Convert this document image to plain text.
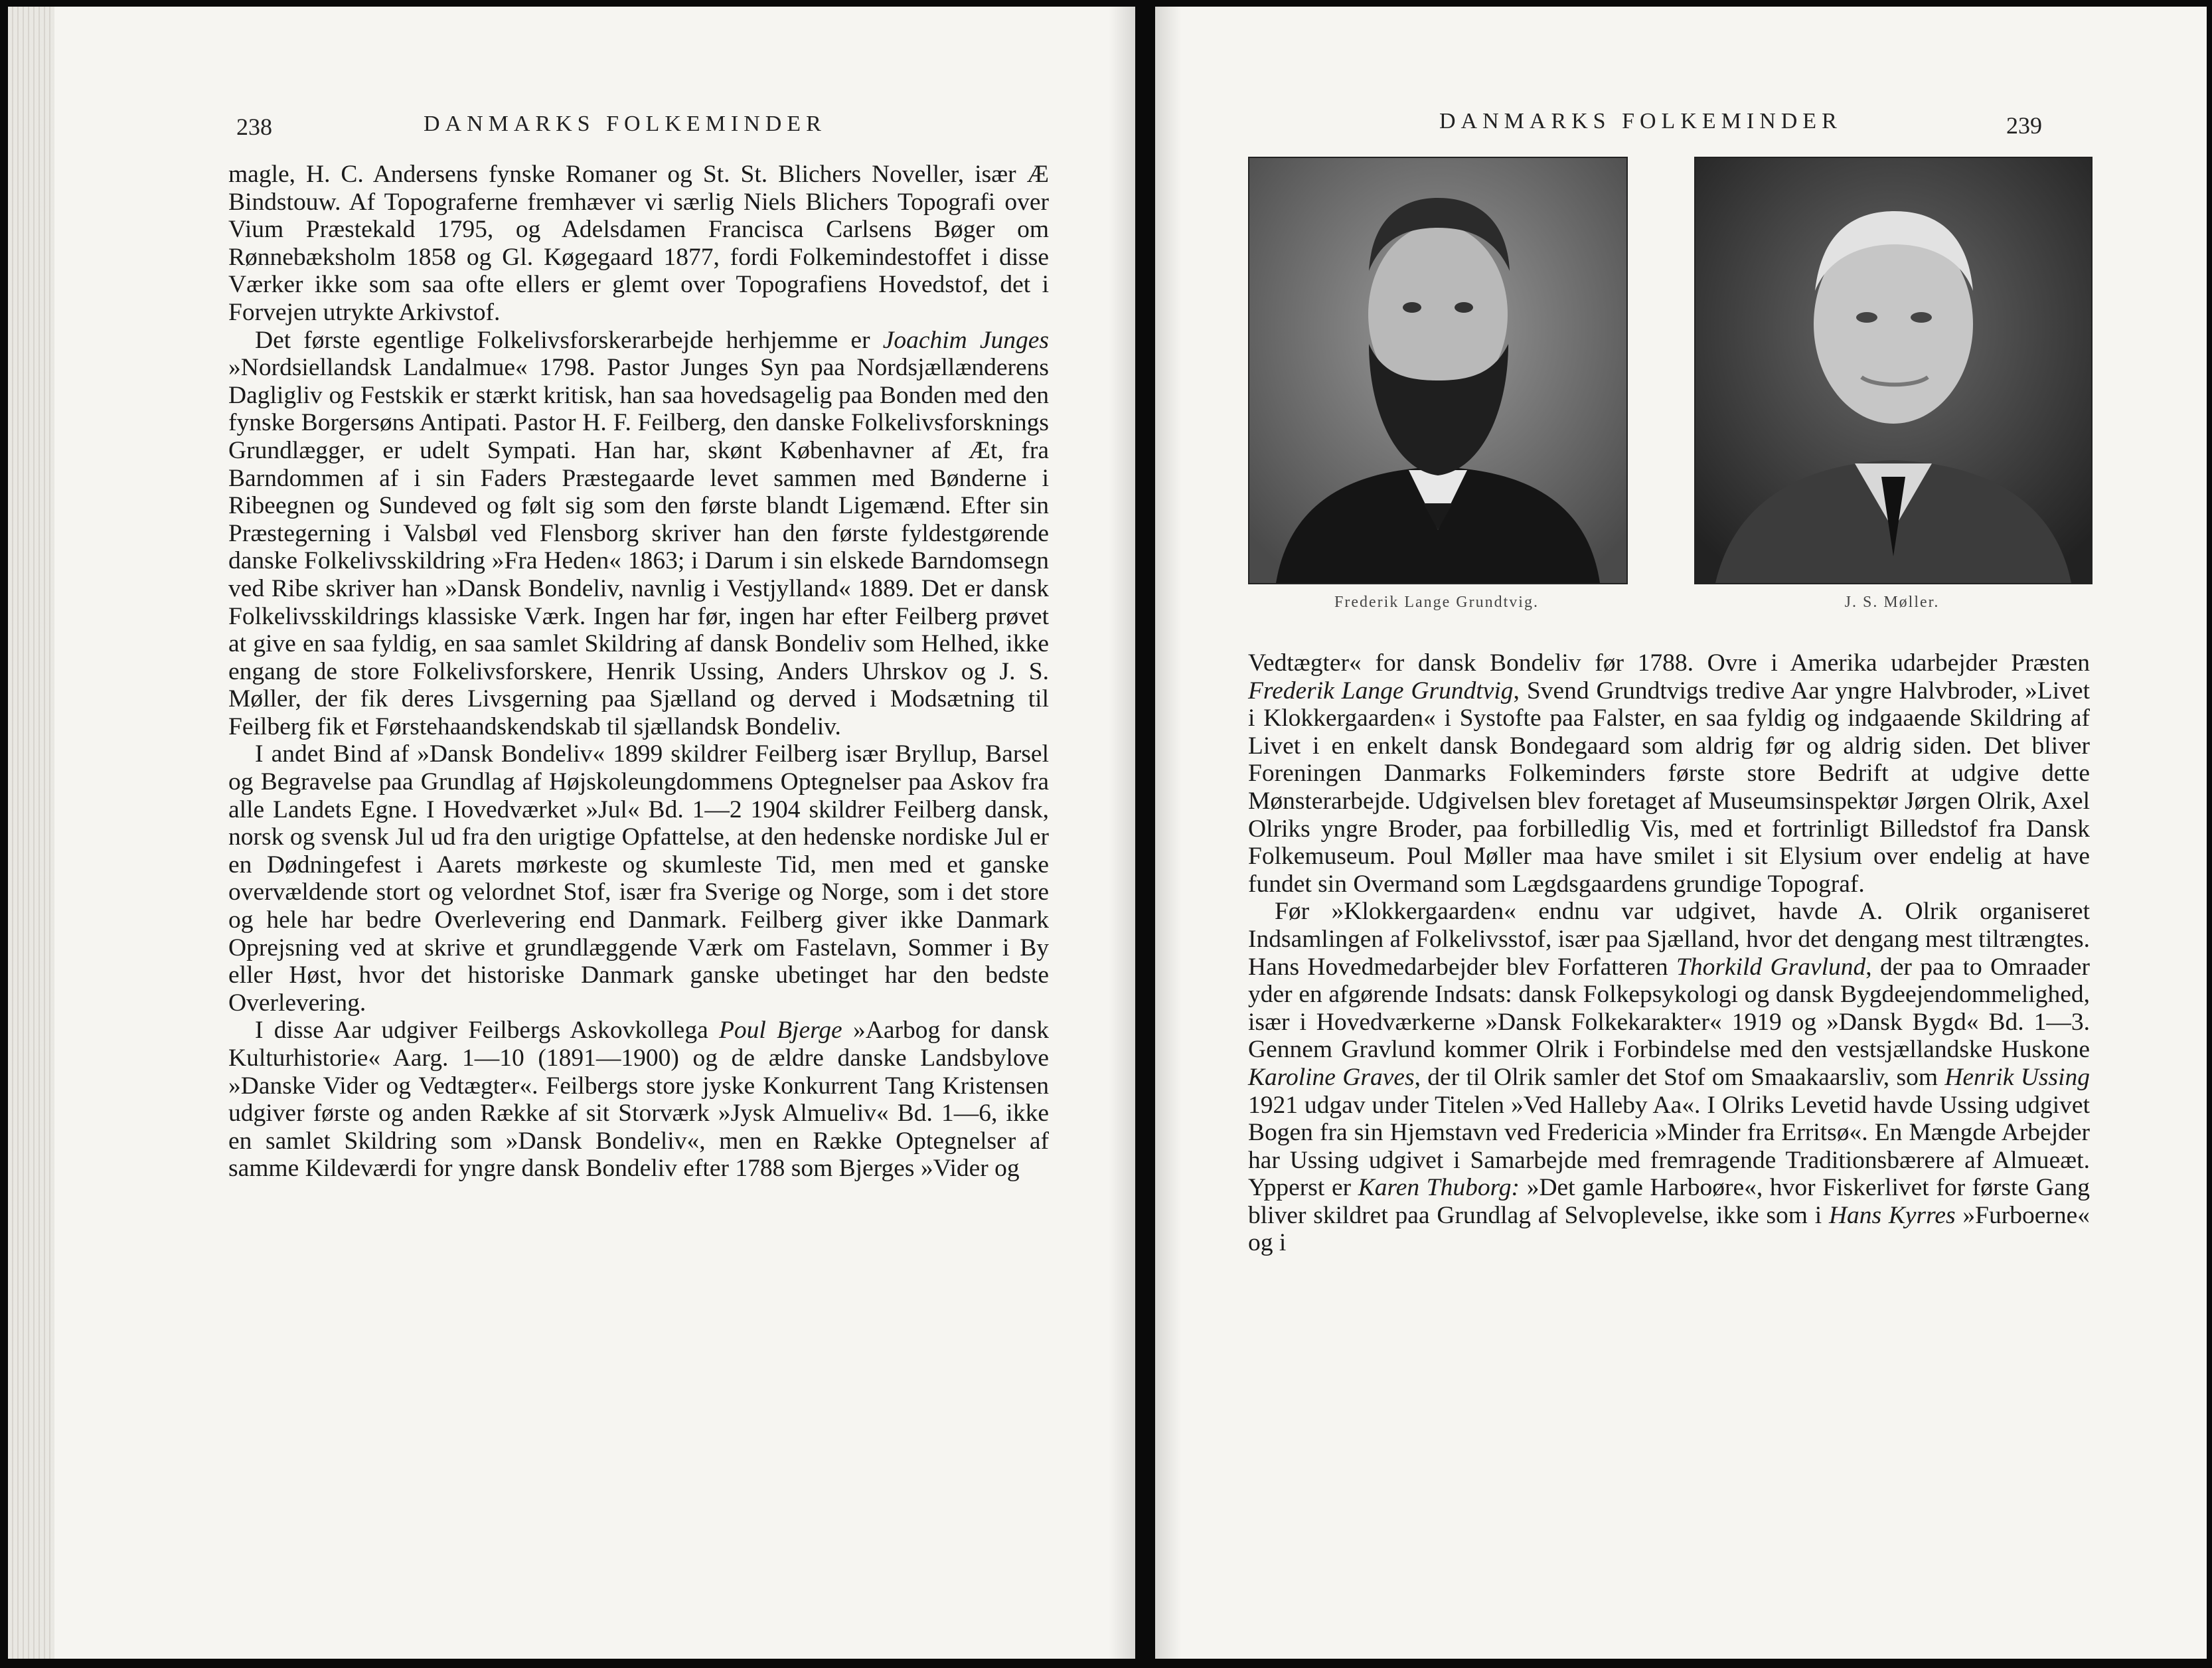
238	DANMARKS FOLKEMINDER

magle, H. C. Andersens fynske Romaner og St. St. Blichers Noveller, især Æ Bindstouw. Af Topograferne fremhæver vi særlig Niels Blichers Topografi over Vium Præstekald 1795, og Adelsdamen Francisca Carlsens Bøger om Rønnebæksholm 1858 og Gl. Køgegaard 1877, fordi Folkemindestoffet i disse Værker ikke som saa ofte ellers er glemt over Topografiens Hovedstof, det i Forvejen utrykte Arkivstof.

Det første egentlige Folkelivsforskerarbejde herhjemme er Joachim Junges »Nordsiellandsk Landalmue« 1798. Pastor Junges Syn paa Nordsjællænderens Dagligliv og Festskik er stærkt kritisk, han saa hovedsagelig paa Bonden med den fynske Borgersøns Antipati. Pastor H. F. Feilberg, den danske Folkelivsforsknings Grundlægger, er udelt Sympati. Han har, skønt Københavner af Æt, fra Barndommen af i sin Faders Præstegaarde levet sammen med Bønderne i Ribeegnen og Sundeved og følt sig som den første blandt Ligemænd. Efter sin Præstegerning i Valsbøl ved Flensborg skriver han den første fyldestgørende danske Folkelivsskildring »Fra Heden« 1863; i Darum i sin elskede Barndomsegn ved Ribe skriver han »Dansk Bondeliv, navnlig i Vestjylland« 1889. Det er dansk Folkelivsskildrings klassiske Værk. Ingen har før, ingen har efter Feilberg prøvet at give en saa fyldig, en saa samlet Skildring af dansk Bondeliv som Helhed, ikke engang de store Folkelivsforskere, Henrik Ussing, Anders Uhrskov og J. S. Møller, der fik deres Livsgerning paa Sjælland og derved i Modsætning til Feilberg fik et Førstehaandskendskab til sjællandsk Bondeliv.

I andet Bind af »Dansk Bondeliv« 1899 skildrer Feilberg især Bryllup, Barsel og Begravelse paa Grundlag af Højskoleungdommens Optegnelser paa Askov fra alle Landets Egne. I Hovedværket »Jul« Bd. 1—2 1904 skildrer Feilberg dansk, norsk og svensk Jul ud fra den urigtige Opfattelse, at den hedenske nordiske Jul er en Dødningefest i Aarets mørkeste og skumleste Tid, men med et ganske overvældende stort og velordnet Stof, især fra Sverige og Norge, som i det store og hele har bedre Overlevering end Danmark. Feilberg giver ikke Danmark Oprejsning ved at skrive et grundlæggende Værk om Fastelavn, Sommer i By eller Høst, hvor det historiske Danmark ganske ubetinget har den bedste Overlevering.

I disse Aar udgiver Feilbergs Askovkollega Poul Bjerge »Aarbog for dansk Kulturhistorie« Aarg. 1—10 (1891—1900) og de ældre danske Landsbylove »Danske Vider og Vedtægter«. Feilbergs store jyske Konkurrent Tang Kristensen udgiver første og anden Række af sit Storværk »Jysk Almueliv« Bd. 1—6, ikke en samlet Skildring som »Dansk Bondeliv«, men en Række Optegnelser af samme Kildeværdi for yngre dansk Bondeliv efter 1788 som Bjerges »Vider og

DANMARKS FOLKEMINDER	239
Frederik Lange Grundtvig.	J. S. Møller.

Vedtægter« for dansk Bondeliv før 1788. Ovre i Amerika udarbejder Præsten Frederik Lange Grundtvig, Svend Grundtvigs tredive Aar yngre Halvbroder, »Livet i Klokkergaarden« i Systofte paa Falster, en saa fyldig og indgaaende Skildring af Livet i en enkelt dansk Bondegaard som aldrig før og aldrig siden. Det bliver Foreningen Danmarks Folkeminders første store Bedrift at udgive dette Mønsterarbejde. Udgivelsen blev foretaget af Museumsinspektør Jørgen Olrik, Axel Olriks yngre Broder, paa forbilledlig Vis, med et fortrinligt Billedstof fra Dansk Folkemuseum. Poul Møller maa have smilet i sit Elysium over endelig at have fundet sin Overmand som Lægdsgaardens grundige Topograf.

Før »Klokkergaarden« endnu var udgivet, havde A. Olrik organiseret Indsamlingen af Folkelivsstof, især paa Sjælland, hvor det dengang mest tiltrængtes. Hans Hovedmedarbejder blev Forfatteren Thorkild Gravlund, der paa to Omraader yder en afgørende Indsats: dansk Folkepsykologi og dansk Bygdeejendommelighed, især i Hovedværkerne »Dansk Folkekarakter« 1919 og »Dansk Bygd« Bd. 1—3. Gennem Gravlund kommer Olrik i Forbindelse med den vestsjællandske Huskone Karoline Graves, der til Olrik samler det Stof om Smaakaarsliv, som Henrik Ussing 1921 udgav under Titelen »Ved Halleby Aa«. I Olriks Levetid havde Ussing udgivet Bogen fra sin Hjemstavn ved Fredericia »Minder fra Erritsø«. En Mængde Arbejder har Ussing udgivet i Samarbejde med fremragende Traditionsbærere af Almueæt. Ypperst er Karen Thuborg: »Det gamle Harboøre«, hvor Fiskerlivet for første Gang bliver skildret paa Grundlag af Selvoplevelse, ikke som i Hans Kyrres »Furboerne« og i
